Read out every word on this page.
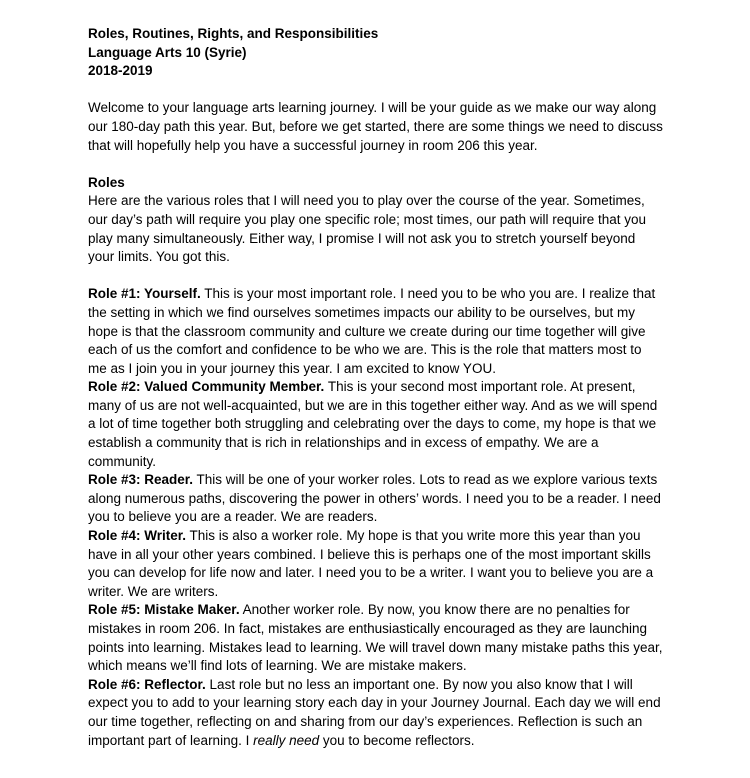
Roles, Routines, Rights, and Responsibilities

Language Arts 10 (Syrie)

2018-2019

Welcome to your language arts learning journey. I will be your guide as we make our way along our 180-day path this year. But, before we get started, there are some things we need to discuss that will hopefully help you have a successful journey in room 206 this year.

Roles

Here are the various roles that I will need you to play over the course of the year. Sometimes, our day’s path will require you play one specific role; most times, our path will require that you play many simultaneously. Either way, I promise I will not ask you to stretch yourself beyond your limits. You got this.

Role #1: Yourself. This is your most important role. I need you to be who you are. I realize that the setting in which we find ourselves sometimes impacts our ability to be ourselves, but my hope is that the classroom community and culture we create during our time together will give each of us the comfort and confidence to be who we are. This is the role that matters most to me as I join you in your journey this year. I am excited to know YOU.

Role #2: Valued Community Member. This is your second most important role. At present, many of us are not well-acquainted, but we are in this together either way. And as we will spend a lot of time together both struggling and celebrating over the days to come, my hope is that we establish a community that is rich in relationships and in excess of empathy. We are a community.

Role #3: Reader. This will be one of your worker roles. Lots to read as we explore various texts along numerous paths, discovering the power in others’ words. I need you to be a reader. I need you to believe you are a reader. We are readers.

Role #4: Writer. This is also a worker role. My hope is that you write more this year than you have in all your other years combined. I believe this is perhaps one of the most important skills you can develop for life now and later. I need you to be a writer. I want you to believe you are a writer. We are writers.

Role #5: Mistake Maker. Another worker role. By now, you know there are no penalties for mistakes in room 206. In fact, mistakes are enthusiastically encouraged as they are launching points into learning. Mistakes lead to learning. We will travel down many mistake paths this year, which means we’ll find lots of learning. We are mistake makers.

Role #6: Reflector. Last role but no less an important one. By now you also know that I will expect you to add to your learning story each day in your Journey Journal. Each day we will end our time together, reflecting on and sharing from our day’s experiences. Reflection is such an important part of learning. I really need you to become reflectors.
